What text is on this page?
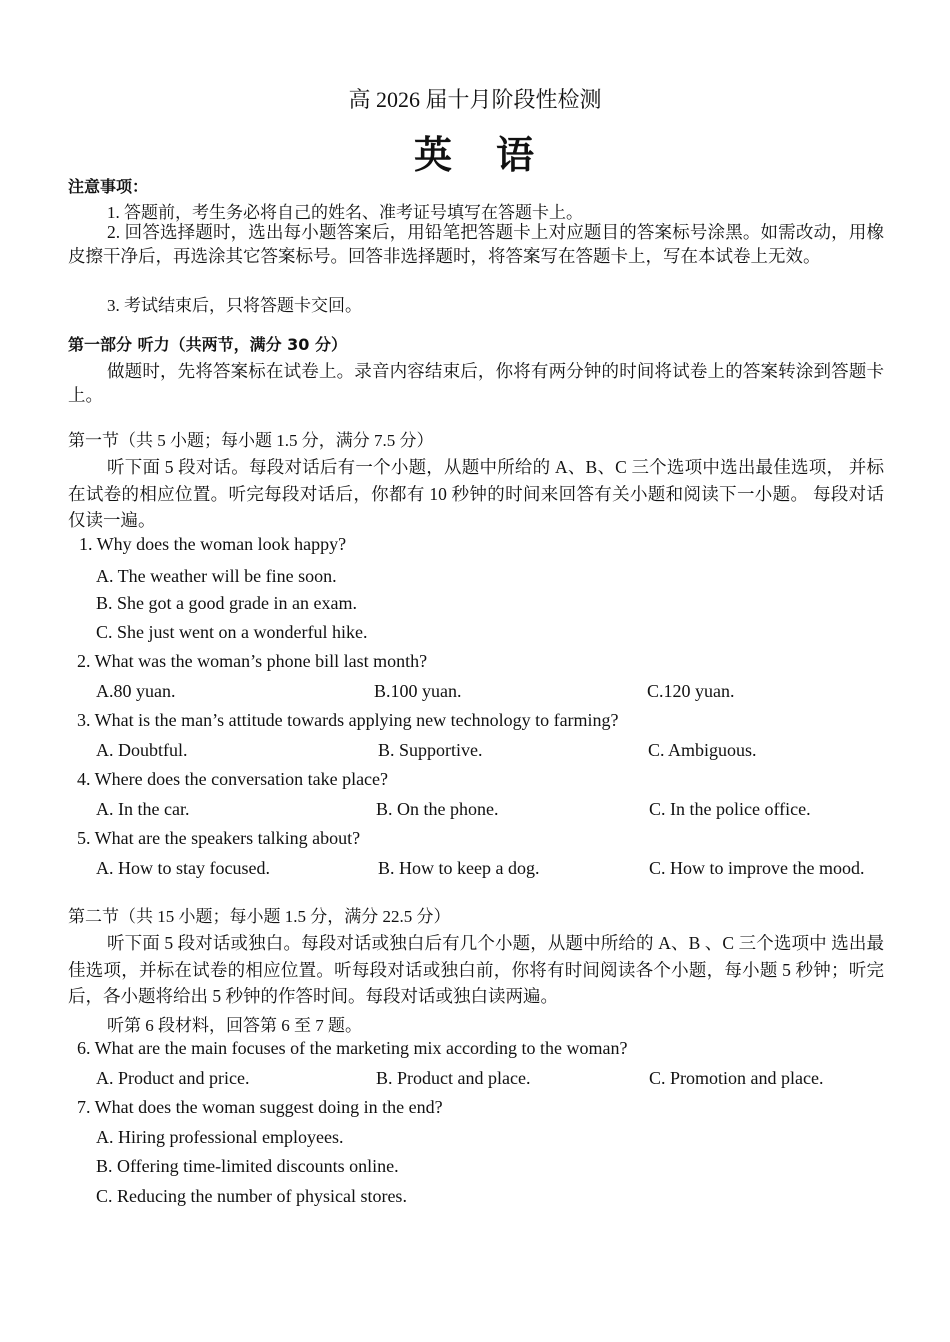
高 2026 届十月阶段性检测
英 语
注意事项：
1. 答题前，考生务必将自己的姓名、准考证号填写在答题卡上。
2. 回答选择题时，选出每小题答案后，用铅笔把答题卡上对应题目的答案标号涂黑。如需改动，用橡皮擦干净后，再选涂其它答案标号。回答非选择题时，将答案写在答题卡上，写在本试卷上无效。
3. 考试结束后，只将答题卡交回。
第一部分 听力（共两节，满分 30 分）
做题时，先将答案标在试卷上。录音内容结束后，你将有两分钟的时间将试卷上的答案转涂到答题卡上。
第一节（共 5 小题；每小题 1.5 分，满分 7.5 分）
听下面 5 段对话。每段对话后有一个小题，从题中所给的 A、B、C 三个选项中选出最佳选项， 并标在试卷的相应位置。听完每段对话后，你都有 10 秒钟的时间来回答有关小题和阅读下一小题。 每段对话仅读一遍。
1. Why does the woman look happy?
A. The weather will be fine soon.
B. She got a good grade in an exam.
C. She just went on a wonderful hike.
2. What was the woman’s phone bill last month?
A.80 yuan.	B.100 yuan.	C.120 yuan.
3. What is the man’s attitude towards applying new technology to farming?
A. Doubtful.	B. Supportive.	C. Ambiguous.
4. Where does the conversation take place?
A. In the car.	B. On the phone.	C. In the police office.
5. What are the speakers talking about?
A. How to stay focused.	B. How to keep a dog.	C. How to improve the mood.
第二节（共 15 小题；每小题 1.5 分，满分 22.5 分）
听下面 5 段对话或独白。每段对话或独白后有几个小题，从题中所给的 A、B 、C 三个选项中 选出最佳选项，并标在试卷的相应位置。听每段对话或独白前，你将有时间阅读各个小题，每小题 5 秒钟；听完后，各小题将给出 5 秒钟的作答时间。每段对话或独白读两遍。
听第 6 段材料，回答第 6 至 7 题。
6. What are the main focuses of the marketing mix according to the woman?
A. Product and price.	B. Product and place.	C. Promotion and place.
7. What does the woman suggest doing in the end?
A. Hiring professional employees.
B. Offering time-limited discounts online.
C. Reducing the number of physical stores.
